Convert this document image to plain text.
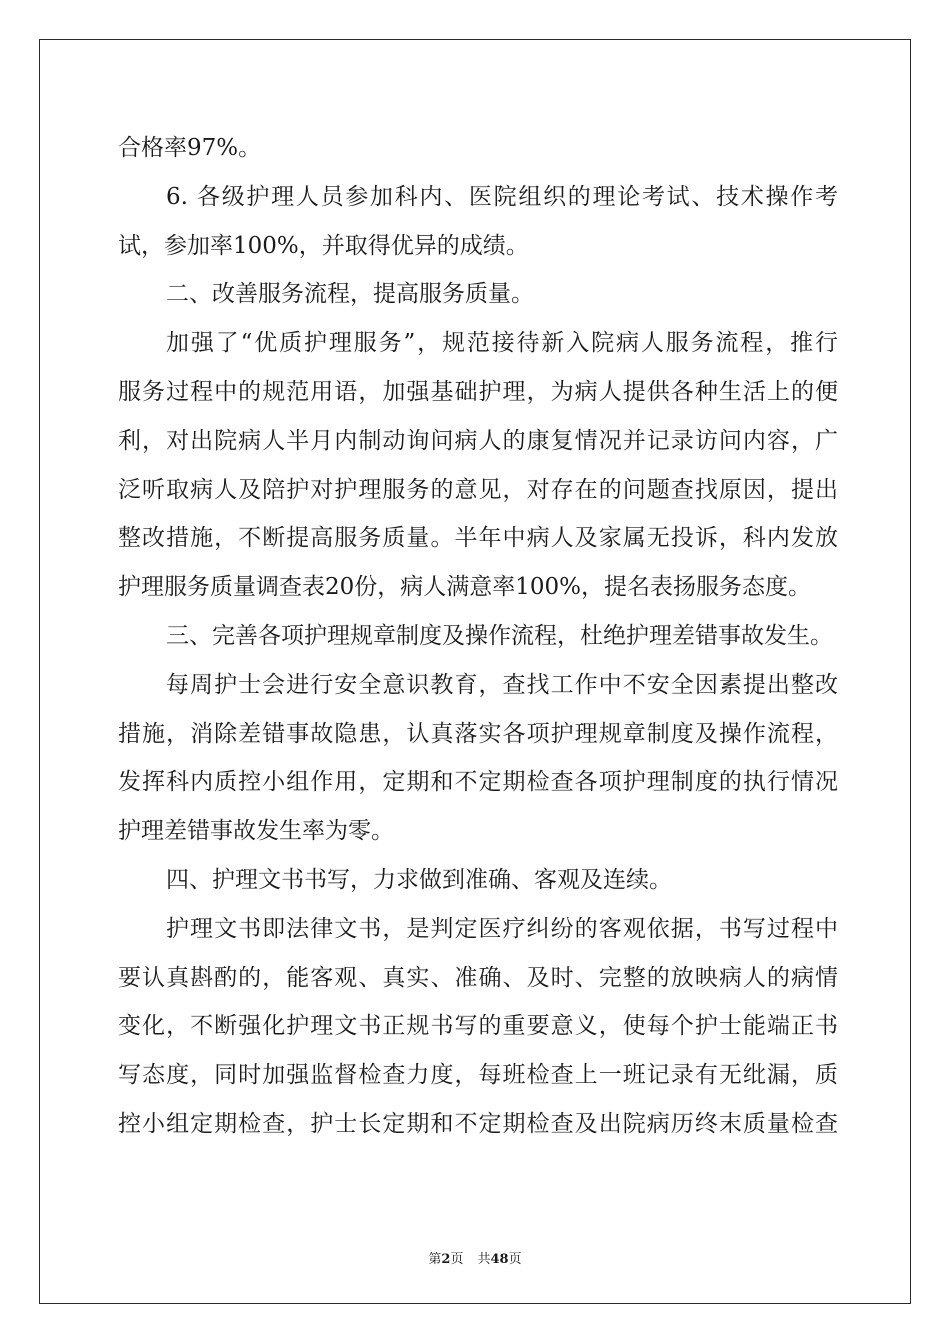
合格率97%。
6. 各级护理人员参加科内、医院组织的理论考试、技术操作考
试，参加率100%，并取得优异的成绩。
二、改善服务流程，提高服务质量。
加强了“优质护理服务”，规范接待新入院病人服务流程，推行
服务过程中的规范用语，加强基础护理，为病人提供各种生活上的便
利，对出院病人半月内制动询问病人的康复情况并记录访问内容，广
泛听取病人及陪护对护理服务的意见，对存在的问题查找原因，提出
整改措施，不断提高服务质量。半年中病人及家属无投诉，科内发放
护理服务质量调查表20份，病人满意率100%，提名表扬服务态度。
三、完善各项护理规章制度及操作流程，杜绝护理差错事故发生。
每周护士会进行安全意识教育，查找工作中不安全因素提出整改
措施，消除差错事故隐患，认真落实各项护理规章制度及操作流程，
发挥科内质控小组作用，定期和不定期检查各项护理制度的执行情况
护理差错事故发生率为零。
四、护理文书书写，力求做到准确、客观及连续。
护理文书即法律文书，是判定医疗纠纷的客观依据，书写过程中
要认真斟酌的，能客观、真实、准确、及时、完整的放映病人的病情
变化，不断强化护理文书正规书写的重要意义，使每个护士能端正书
写态度，同时加强监督检查力度，每班检查上一班记录有无纰漏，质
控小组定期检查，护士长定期和不定期检查及出院病历终末质量检查
第2页 共48页
